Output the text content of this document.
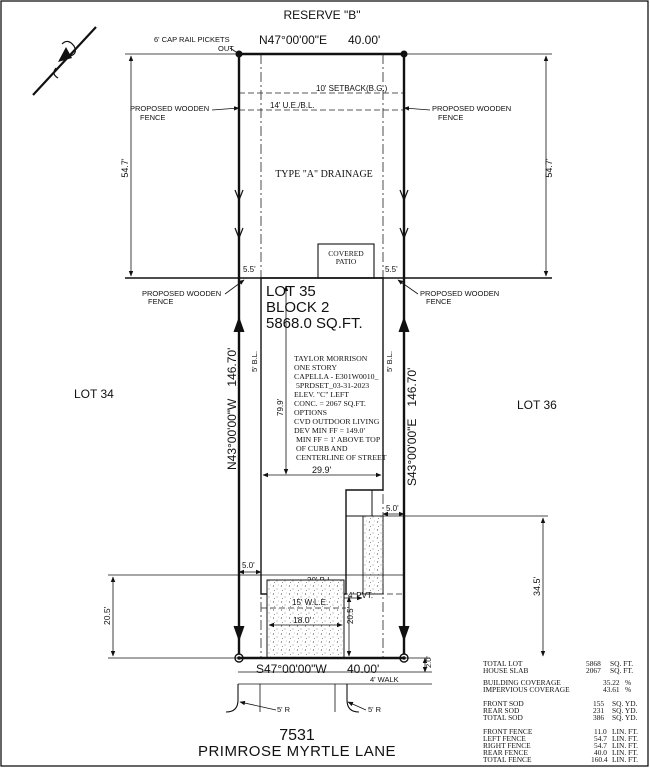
RESERVE "B"
N47°00'00"E 40.00'
6' CAP RAIL PICKETS
OUT
54.7'	54.7'
10' SETBACK(B.G.)
14' U.E./B.L.
PROPOSED WOODEN
FENCE
PROPOSED WOODEN
FENCE
TYPE "A" DRAINAGE
COVERED
PATIO
5.5'	5.5'
PROPOSED WOODEN
FENCE
PROPOSED WOODEN
FENCE
LOT 35
BLOCK 2
5868.0 SQ.FT.
N43°00'00"W146.70'
S43°00'00"E146.70'
5' B.L.	5' B.L.
LOT 34
LOT 36
TAYLOR MORRISON
ONE STORY
CAPELLA - E301W0010_
5PRDSET_03-31-2023
ELEV. "C" LEFT
CONC. = 2067 SQ.FT.
OPTIONS
CVD OUTDOOR LIVING
DEV MIN FF = 149.0'
MIN FF = 1' ABOVE TOP
OF CURB AND
CENTERLINE OF STREET
79.9'
29.9'
5.0'
34.5'
5.0'
4' PVT.
15' W.L.E.
18.0'	20.5'
20.5'
S47°00'00"W 40.00'	2.0'
4' WALK
5' R	5' R
7531
PRIMROSE MYRTLE LANE
TOTAL LOT	5868 SQ. FT.
HOUSE SLAB	2067 SQ. FT.
BUILDING COVERAGE	35.22 %
IMPERVIOUS COVERAGE	43.61 %
FRONT SOD	155 SQ. YD.
REAR SOD	231 SQ. YD.
TOTAL SOD	386 SQ. YD.
FRONT FENCE	11.0 LIN. FT.
LEFT FENCE	54.7 LIN. FT.
RIGHT FENCE	54.7 LIN. FT.
REAR FENCE	40.0 LIN. FT.
TOTAL FENCE	160.4 LIN. FT.
